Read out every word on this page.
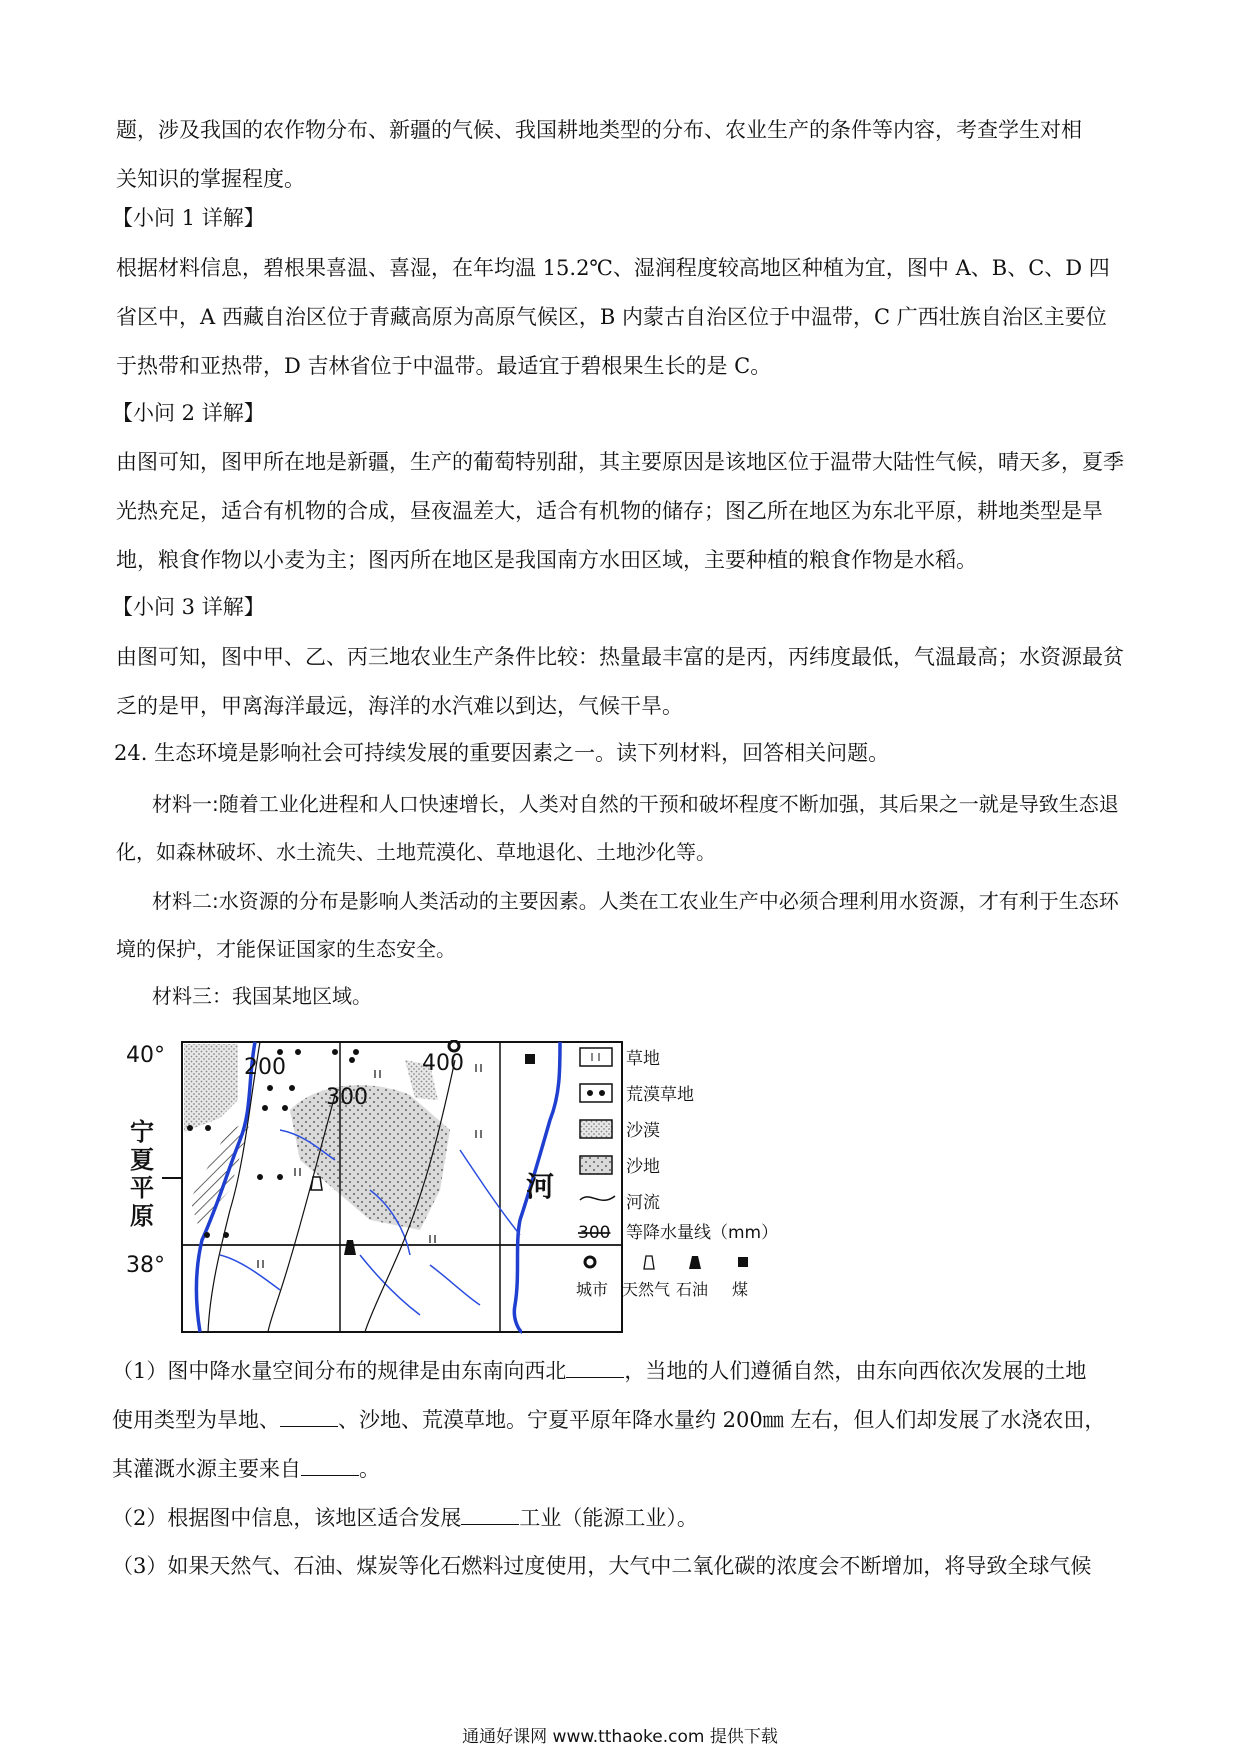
题，涉及我国的农作物分布、新疆的气候、我国耕地类型的分布、农业生产的条件等内容，考查学生对相
关知识的掌握程度。

【小问 1 详解】

根据材料信息，碧根果喜温、喜湿，在年均温 15.2℃、湿润程度较高地区种植为宜，图中 A、B、C、D 四省区中，A 西藏自治区位于青藏高原为高原气候区，B 内蒙古自治区位于中温带，C 广西壮族自治区主要位于热带和亚热带，D 吉林省位于中温带。最适宜于碧根果生长的是 C。

【小问 2 详解】

由图可知，图甲所在地是新疆，生产的葡萄特别甜，其主要原因是该地区位于温带大陆性气候，晴天多，夏季光热充足，适合有机物的合成，昼夜温差大，适合有机物的储存；图乙所在地区为东北平原，耕地类型是旱地，粮食作物以小麦为主；图丙所在地区是我国南方水田区域，主要种植的粮食作物是水稻。

【小问 3 详解】

由图可知，图中甲、乙、丙三地农业生产条件比较：热量最丰富的是丙，丙纬度最低，气温最高；水资源最贫乏的是甲，甲离海洋最远，海洋的水汽难以到达，气候干旱。

24. 生态环境是影响社会可持续发展的重要因素之一。读下列材料，回答相关问题。

材料一:随着工业化进程和人口快速增长，人类对自然的干预和破坏程度不断加强，其后果之一就是导致生态退化，如森林破坏、水土流失、土地荒漠化、草地退化、土地沙化等。

材料二:水资源的分布是影响人类活动的主要因素。人类在工农业生产中必须合理利用水资源，才有利于生态环境的保护，才能保证国家的生态安全。

材料三：我国某地区域。

40°
38°
宁
夏
平
原
200
300
400
河
草地
荒漠草地
沙漠
沙地
河流
300 等降水量线（mm）
城市 天然气 石油 煤

（1）图中降水量空间分布的规律是由东南向西北	，当地的人们遵循自然，由东向西依次发展的土地
使用类型为旱地、	、沙地、荒漠草地。宁夏平原年降水量约 200㎜ 左右，但人们却发展了水浇农田，
其灌溉水源主要来自	。

（2）根据图中信息，该地区适合发展	工业（能源工业）。

（3）如果天然气、石油、煤炭等化石燃料过度使用，大气中二氧化碳的浓度会不断增加，将导致全球气候

通通好课网 www.tthaoke.com 提供下载
